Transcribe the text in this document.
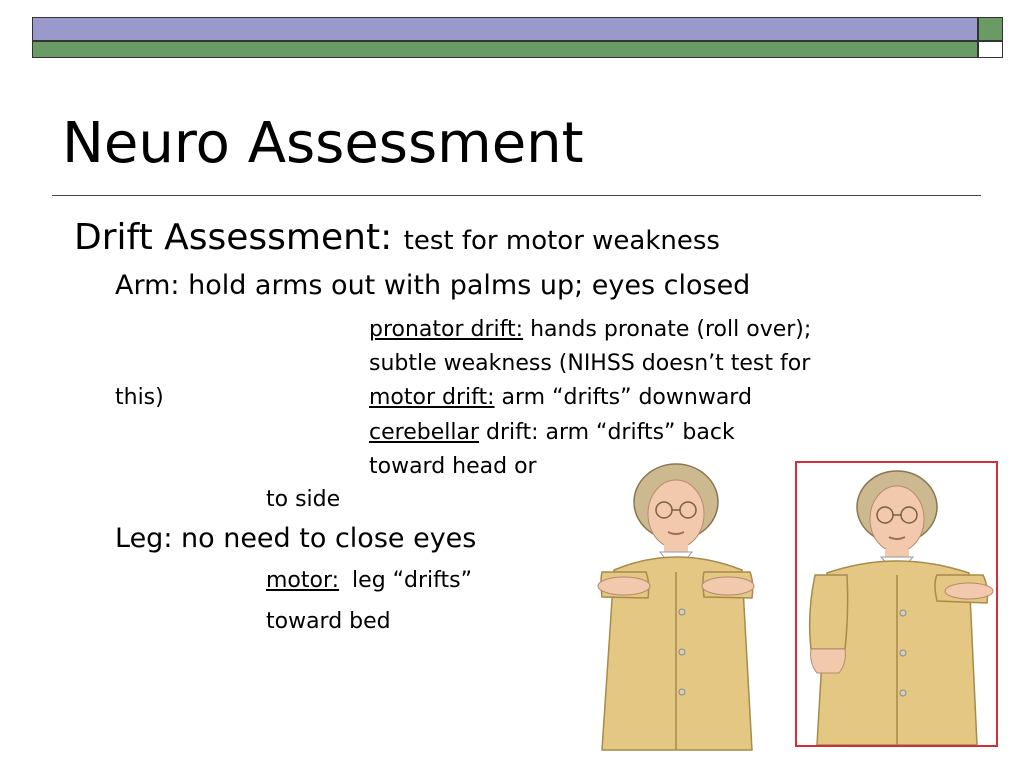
Neuro Assessment
Drift Assessment: test for motor weakness
Arm: hold arms out with palms up; eyes closed
pronator drift: hands pronate (roll over);
subtle weakness (NIHSS doesn’t test for
this)	motor drift: arm “drifts” downward
cerebellar drift: arm “drifts” back
toward head or
to side
Leg: no need to close eyes
motor: leg “drifts”
toward bed
